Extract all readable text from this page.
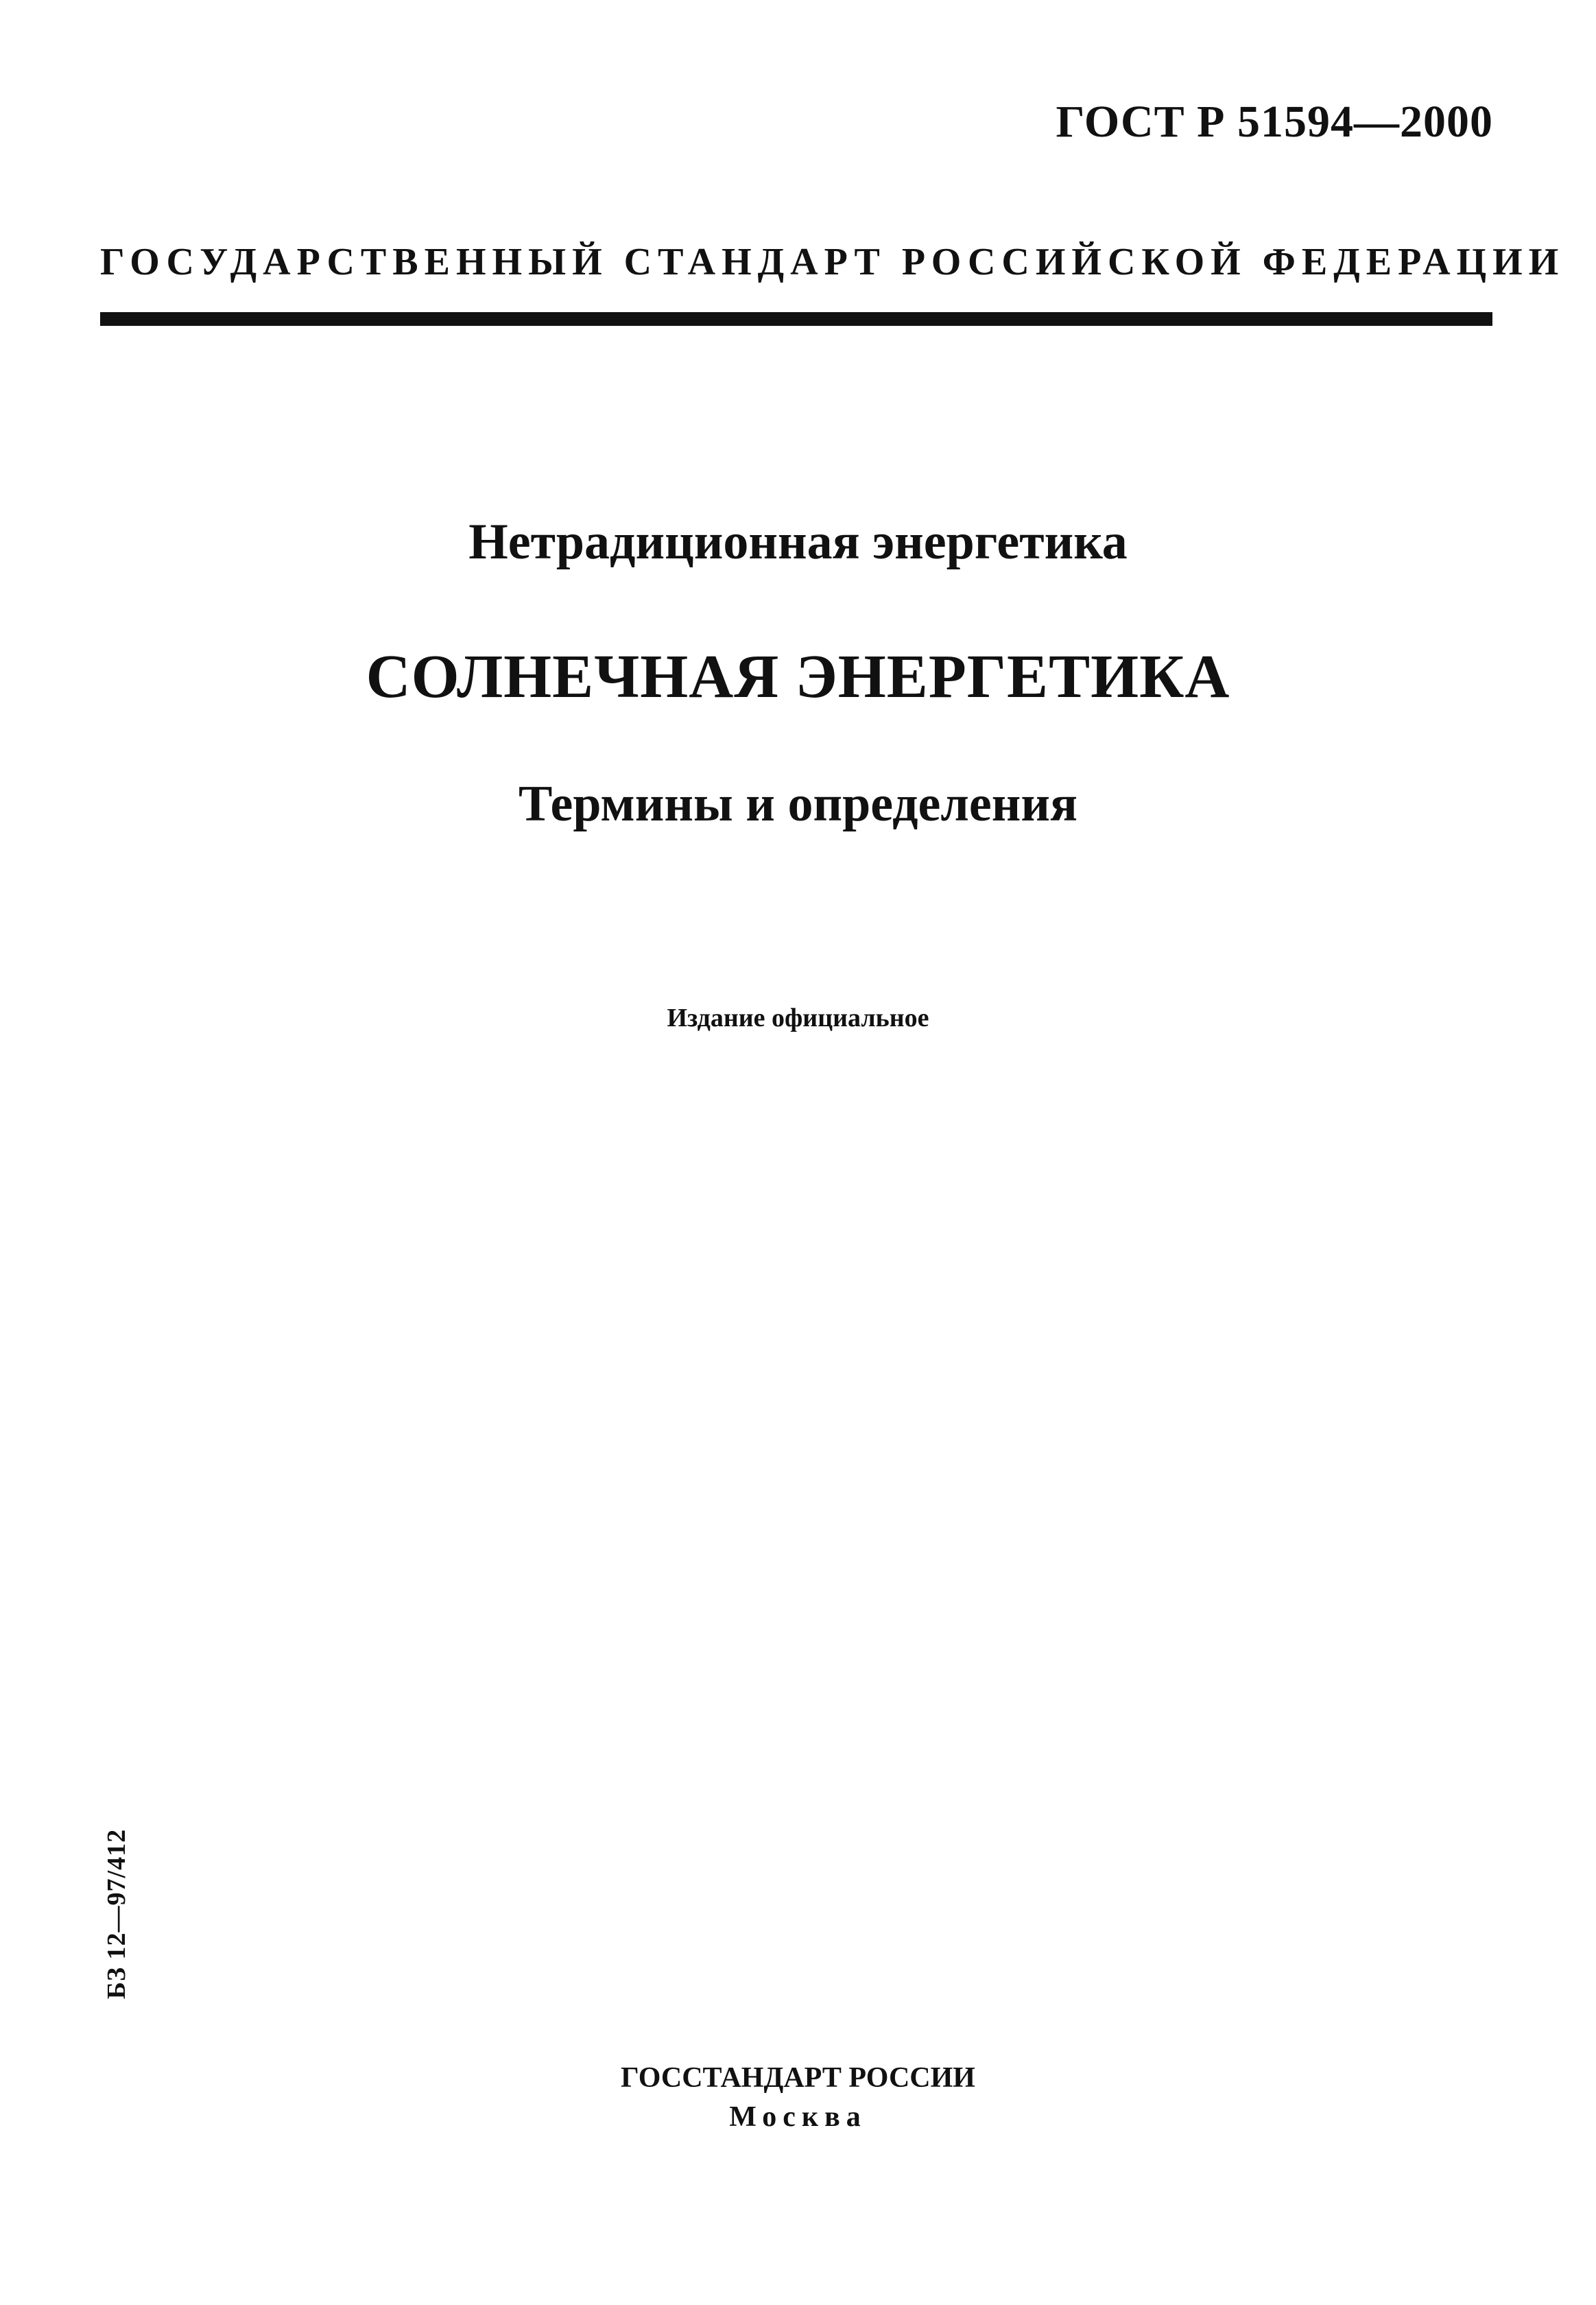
ГОСТ Р 51594—2000
ГОСУДАРСТВЕННЫЙ СТАНДАРТ РОССИЙСКОЙ ФЕДЕРАЦИИ
Нетрадиционная энергетика
СОЛНЕЧНАЯ ЭНЕРГЕТИКА
Термины и определения
Издание официальное
БЗ 12—97/412
ГОССТАНДАРТ РОССИИ
Москва
